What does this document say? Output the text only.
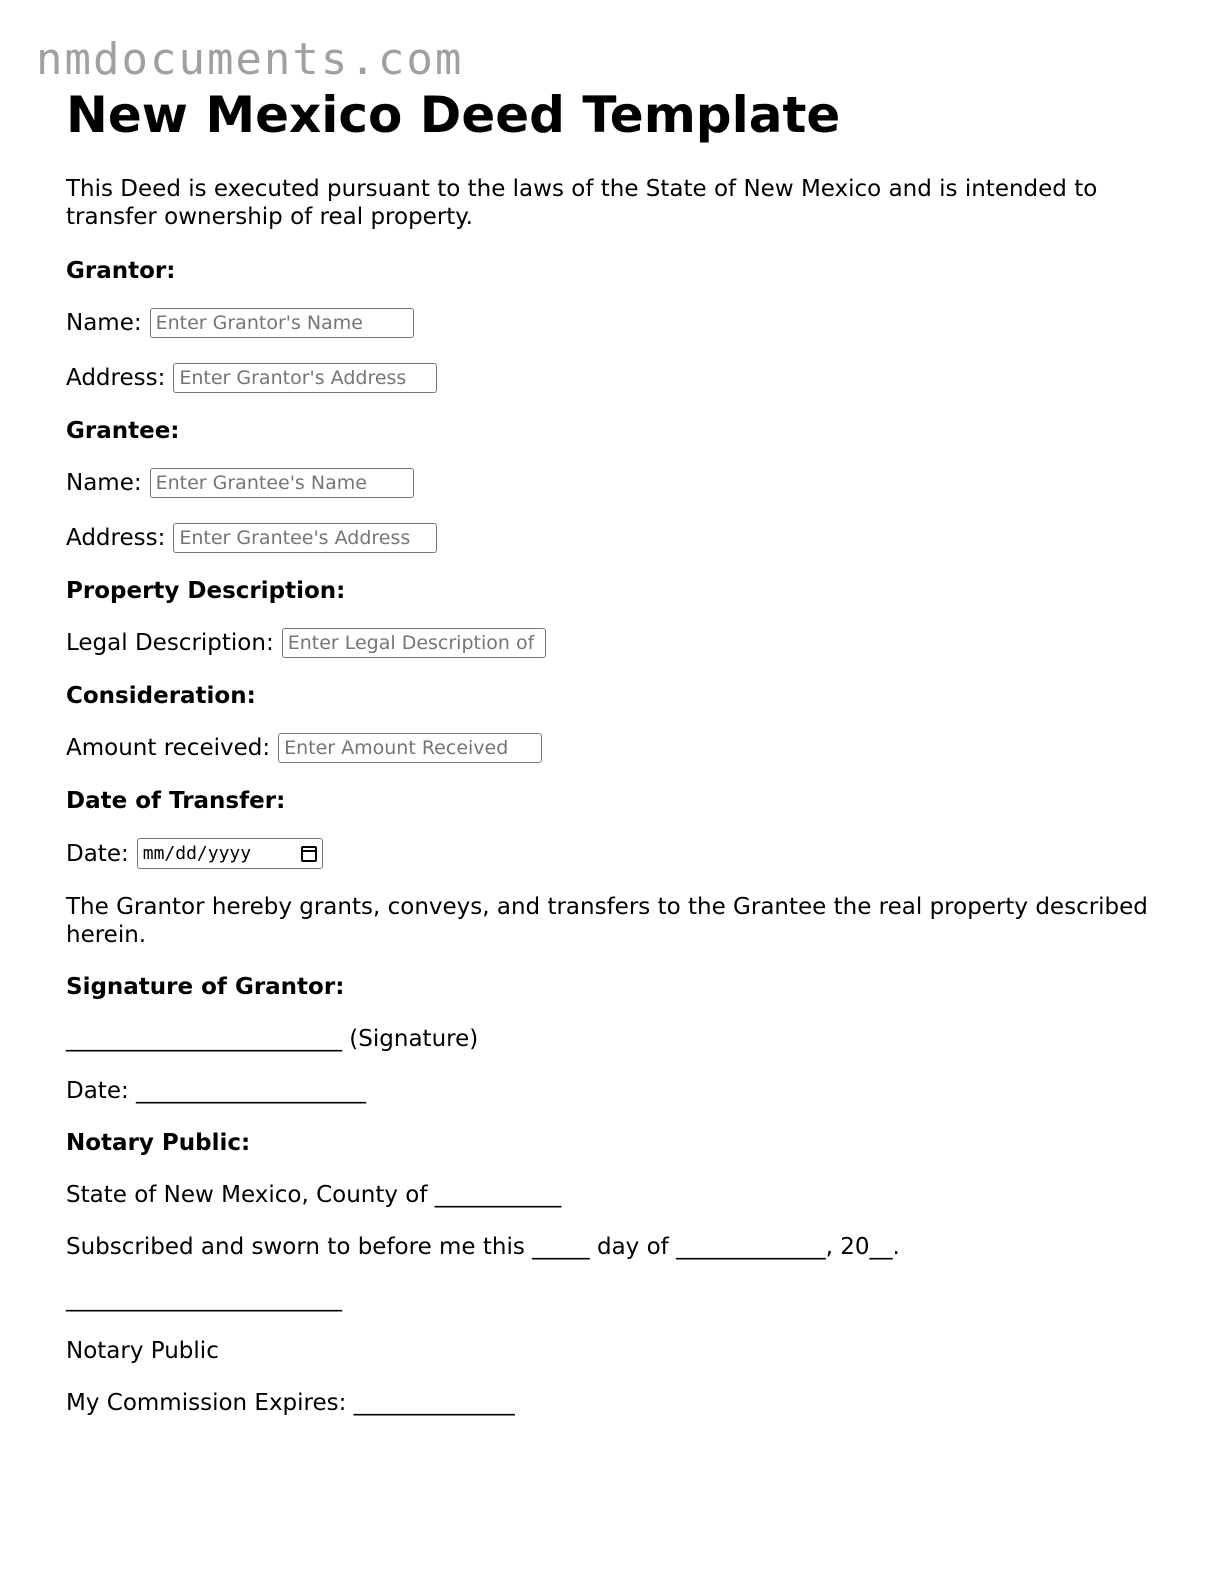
nmdocuments.com
New Mexico Deed Template

This Deed is executed pursuant to the laws of the State of New Mexico and is intended to transfer ownership of real property.

Grantor:

Name:
Enter Grantor's Name
Address:
Enter Grantor's Address

Grantee:

Name:
Enter Grantee's Name
Address:
Enter Grantee's Address

Property Description:

Legal Description:
Enter Legal Description of

Consideration:

Amount received:
Enter Amount Received

Date of Transfer:

Date: mm/dd/yyyy

The Grantor hereby grants, conveys, and transfers to the Grantee the real property described herein.

Signature of Grantor:

________________________ (Signature)

Date: ____________________

Notary Public:

State of New Mexico, County of ___________

Subscribed and sworn to before me this _____ day of _____________, 20__.

________________________

Notary Public

My Commission Expires: ______________
